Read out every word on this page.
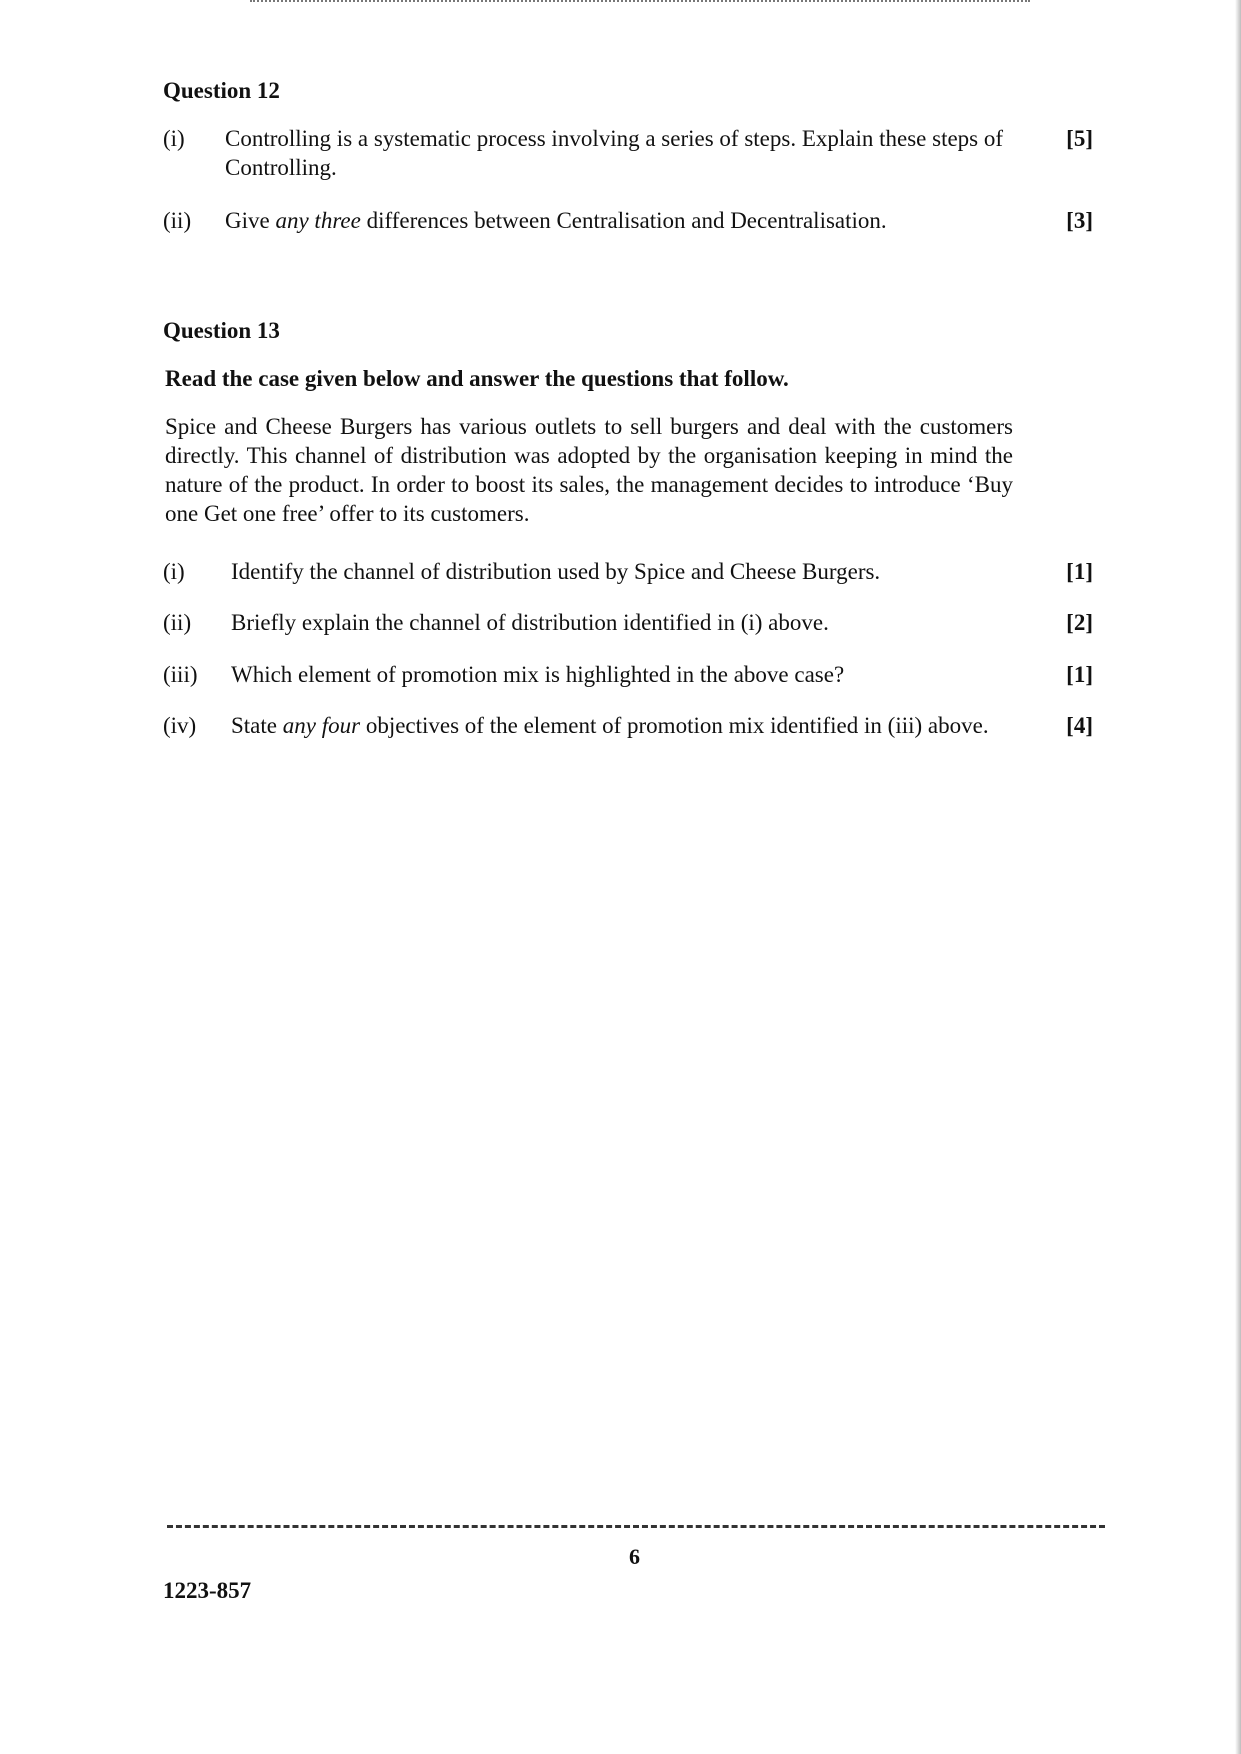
Question 12
(i) Controlling is a systematic process involving a series of steps. Explain these steps of Controlling.
[5]
(ii) Give any three differences between Centralisation and Decentralisation.	[3]
Question 13
Read the case given below and answer the questions that follow.
Spice and Cheese Burgers has various outlets to sell burgers and deal with the customers directly. This channel of distribution was adopted by the organisation keeping in mind the nature of the product. In order to boost its sales, the management decides to introduce ‘Buy one Get one free’ offer to its customers.
(i) Identify the channel of distribution used by Spice and Cheese Burgers.	[1]
(ii) Briefly explain the channel of distribution identified in (i) above.	[2]
(iii) Which element of promotion mix is highlighted in the above case?	[1]
(iv) State any four objectives of the element of promotion mix identified in (iii) above.	[4]
6
1223-857
